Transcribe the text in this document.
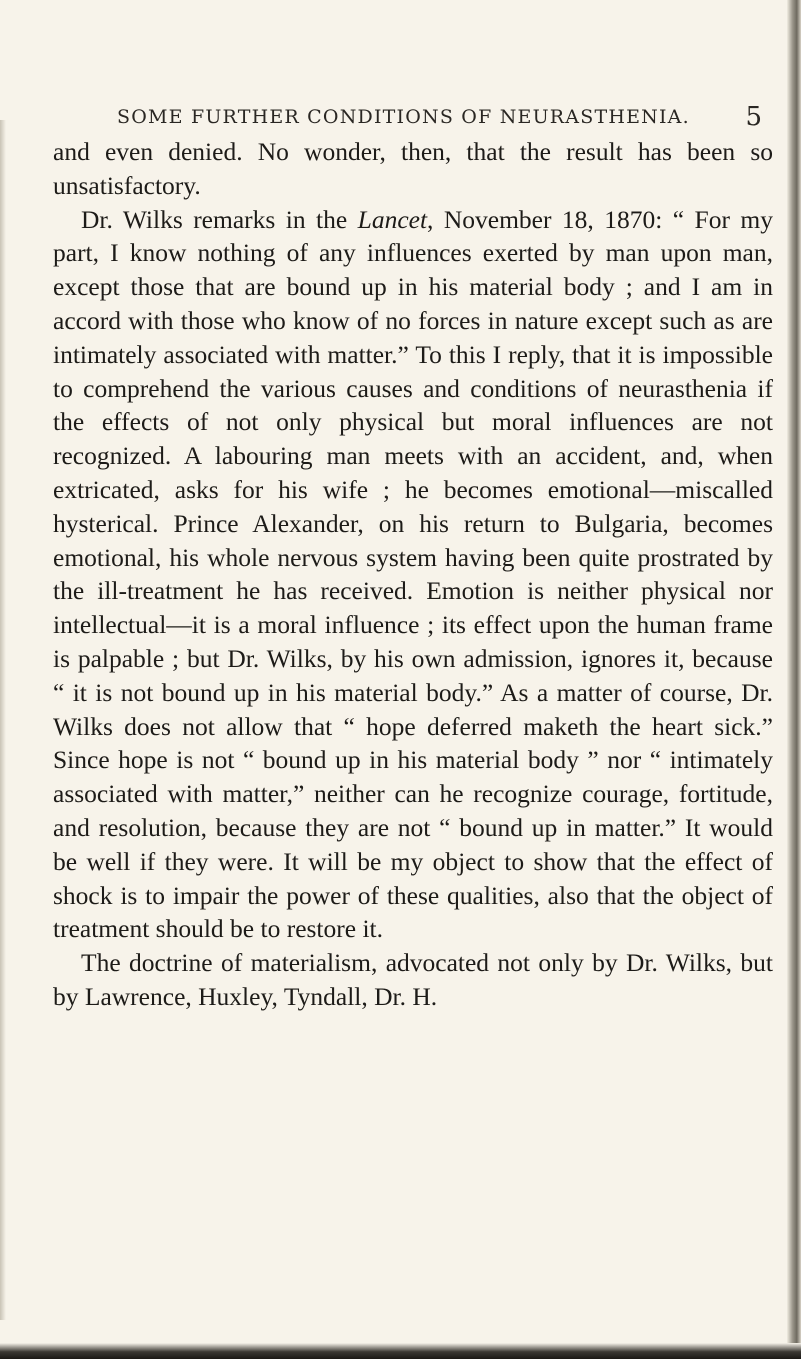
SOME FURTHER CONDITIONS OF NEURASTHENIA. 5

and even denied. No wonder, then, that the result has been so unsatisfactory.

Dr. Wilks remarks in the Lancet, November 18, 1870: “ For my part, I know nothing of any influences exerted by man upon man, except those that are bound up in his material body ; and I am in accord with those who know of no forces in nature except such as are intimately associated with matter.” To this I reply, that it is impossible to comprehend the various causes and conditions of neurasthenia if the effects of not only physical but moral influences are not recognized. A labouring man meets with an accident, and, when extricated, asks for his wife ; he becomes emotional—miscalled hysterical. Prince Alexander, on his return to Bulgaria, becomes emotional, his whole nervous system having been quite prostrated by the ill-treatment he has received. Emotion is neither physical nor intellectual—it is a moral influence ; its effect upon the human frame is palpable ; but Dr. Wilks, by his own admission, ignores it, because “ it is not bound up in his material body.” As a matter of course, Dr. Wilks does not allow that “ hope deferred maketh the heart sick.” Since hope is not “ bound up in his material body ” nor “ intimately associated with matter,” neither can he recognize courage, fortitude, and resolution, because they are not “ bound up in matter.” It would be well if they were. It will be my object to show that the effect of shock is to impair the power of these qualities, also that the object of treatment should be to restore it.

The doctrine of materialism, advocated not only by Dr. Wilks, but by Lawrence, Huxley, Tyndall, Dr. H.
